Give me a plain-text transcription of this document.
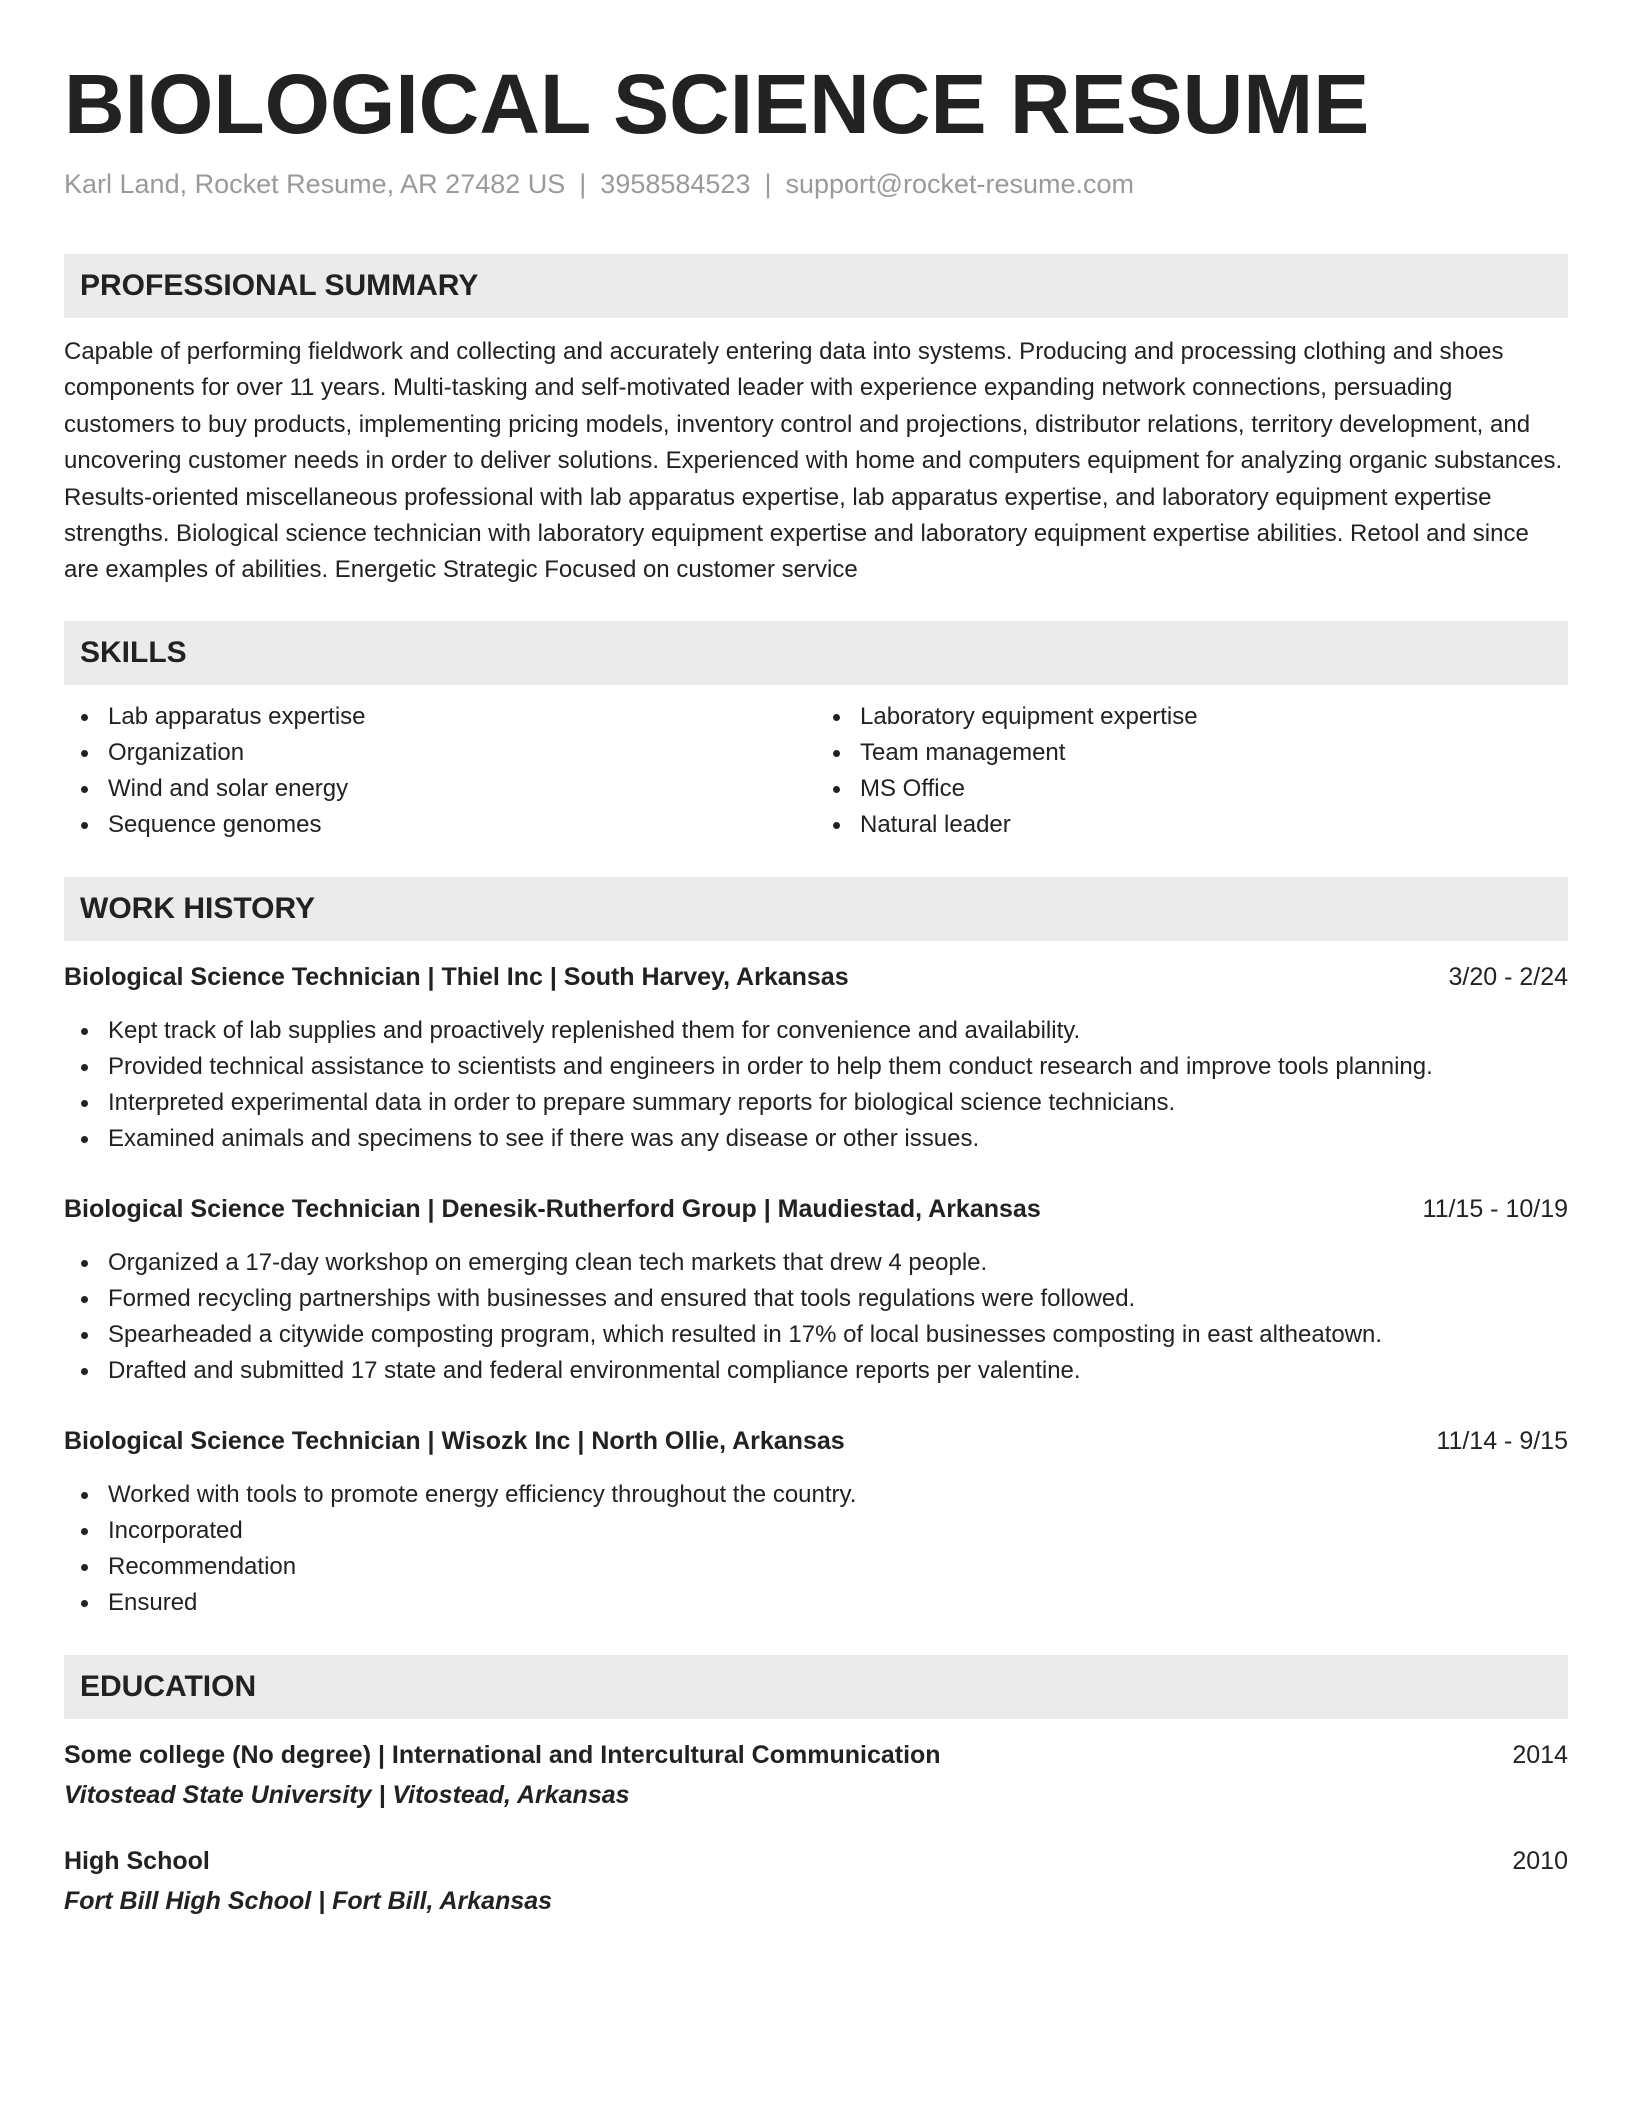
BIOLOGICAL SCIENCE RESUME
Karl Land, Rocket Resume, AR 27482 US | 3958584523 | support@rocket-resume.com
PROFESSIONAL SUMMARY

Capable of performing fieldwork and collecting and accurately entering data into systems. Producing and processing clothing and shoes components for over 11 years. Multi-tasking and self-motivated leader with experience expanding network connections, persuading customers to buy products, implementing pricing models, inventory control and projections, distributor relations, territory development, and uncovering customer needs in order to deliver solutions. Experienced with home and computers equipment for analyzing organic substances. Results-oriented miscellaneous professional with lab apparatus expertise, lab apparatus expertise, and laboratory equipment expertise strengths. Biological science technician with laboratory equipment expertise and laboratory equipment expertise abilities. Retool and since are examples of abilities. Energetic Strategic Focused on customer service

SKILLS
Lab apparatus expertise
Organization
Wind and solar energy
Sequence genomes
Laboratory equipment expertise
Team management
MS Office
Natural leader
WORK HISTORY
Biological Science Technician | Thiel Inc | South Harvey, Arkansas	3/20 - 2/24
Kept track of lab supplies and proactively replenished them for convenience and availability.
Provided technical assistance to scientists and engineers in order to help them conduct research and improve tools planning.
Interpreted experimental data in order to prepare summary reports for biological science technicians.
Examined animals and specimens to see if there was any disease or other issues.
Biological Science Technician | Denesik-Rutherford Group | Maudiestad, Arkansas	11/15 - 10/19
Organized a 17-day workshop on emerging clean tech markets that drew 4 people.
Formed recycling partnerships with businesses and ensured that tools regulations were followed.
Spearheaded a citywide composting program, which resulted in 17% of local businesses composting in east altheatown.
Drafted and submitted 17 state and federal environmental compliance reports per valentine.
Biological Science Technician | Wisozk Inc | North Ollie, Arkansas	11/14 - 9/15
Worked with tools to promote energy efficiency throughout the country.
Incorporated
Recommendation
Ensured
EDUCATION
Some college (No degree) | International and Intercultural Communication	2014
Vitostead State University | Vitostead, Arkansas
High School	2010
Fort Bill High School | Fort Bill, Arkansas
